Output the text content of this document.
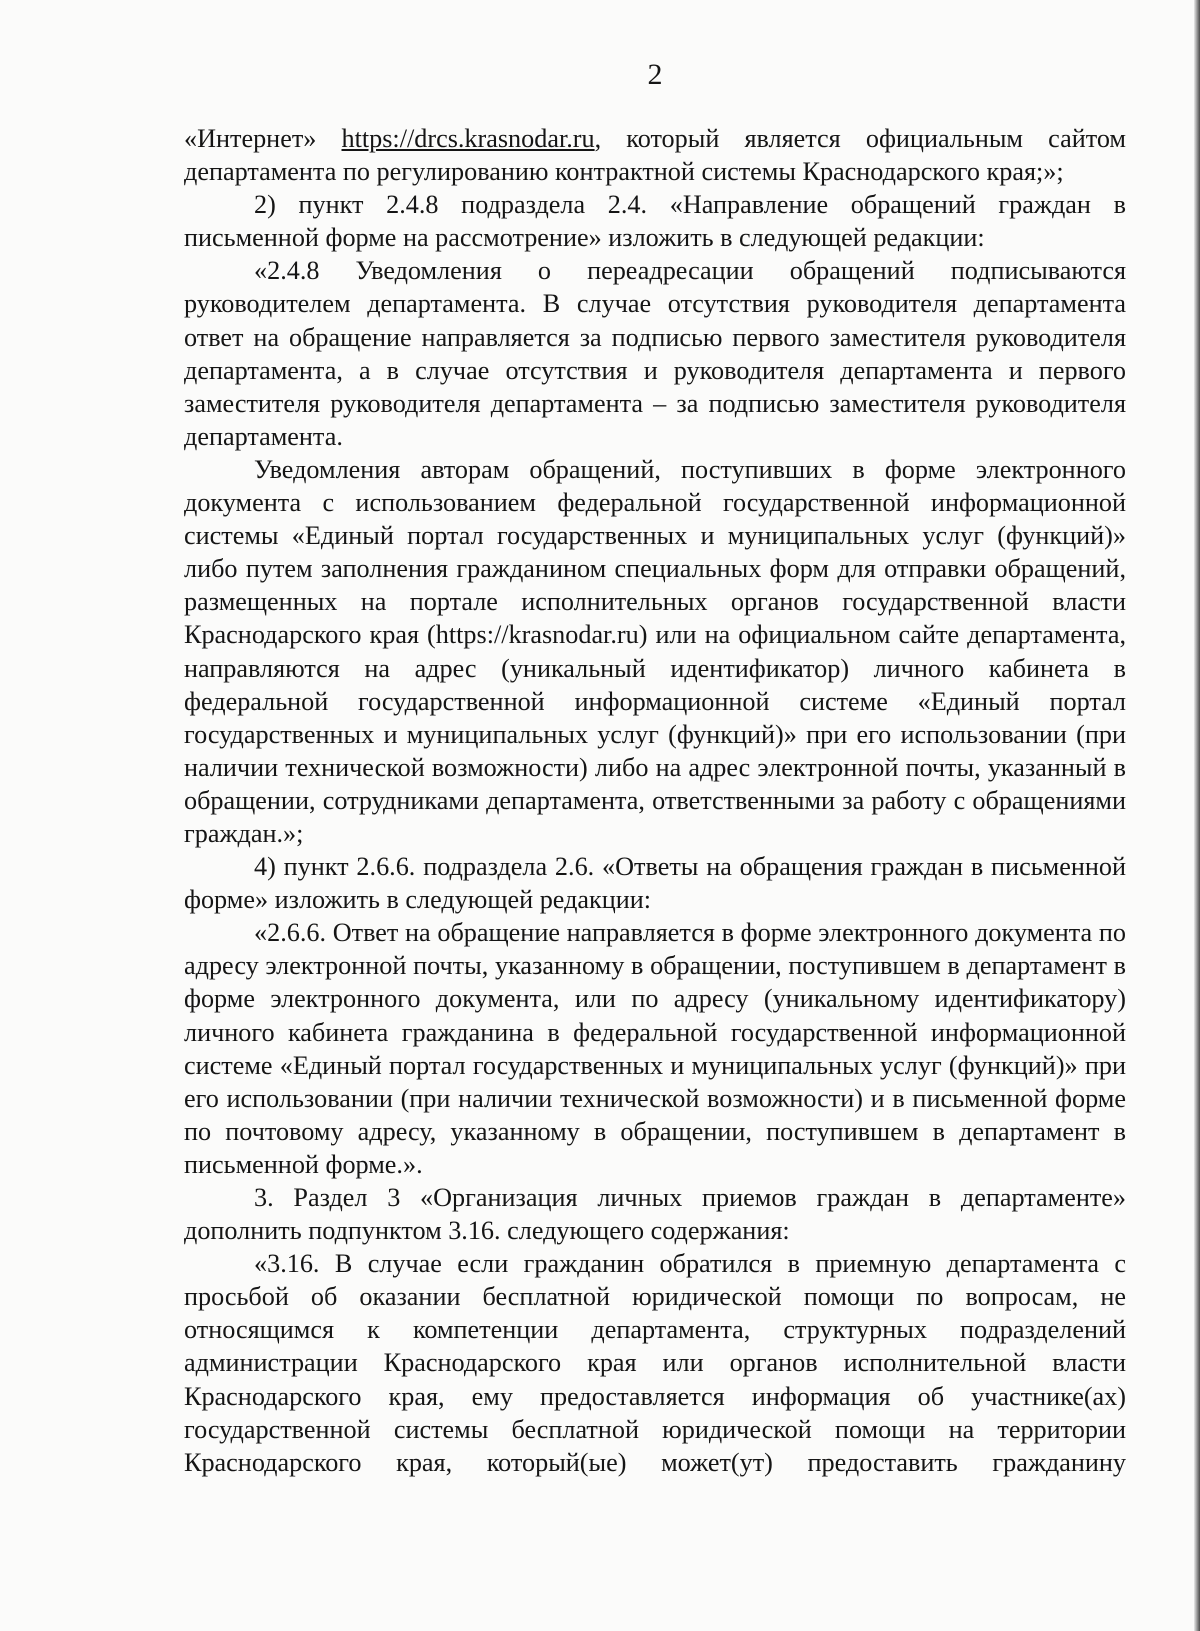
2

«Интернет» https://drcs.krasnodar.ru, который является официальным сайтом департамента по регулированию контрактной системы Краснодарского края;»;

2) пункт 2.4.8 подраздела 2.4. «Направление обращений граждан в письменной форме на рассмотрение» изложить в следующей редакции:

«2.4.8 Уведомления о переадресации обращений подписываются руководителем департамента. В случае отсутствия руководителя департамента ответ на обращение направляется за подписью первого заместителя руководителя департамента, а в случае отсутствия и руководителя департамента и первого заместителя руководителя департамента – за подписью заместителя руководителя департамента.

Уведомления авторам обращений, поступивших в форме электронного документа с использованием федеральной государственной информационной системы «Единый портал государственных и муниципальных услуг (функций)» либо путем заполнения гражданином специальных форм для отправки обращений, размещенных на портале исполнительных органов государственной власти Краснодарского края (https://krasnodar.ru) или на официальном сайте департамента, направляются на адрес (уникальный идентификатор) личного кабинета в федеральной государственной информационной системе «Единый портал государственных и муниципальных услуг (функций)» при его использовании (при наличии технической возможности) либо на адрес электронной почты, указанный в обращении, сотрудниками департамента, ответственными за работу с обращениями граждан.»;

4) пункт 2.6.6. подраздела 2.6. «Ответы на обращения граждан в письменной форме» изложить в следующей редакции:

«2.6.6. Ответ на обращение направляется в форме электронного документа по адресу электронной почты, указанному в обращении, поступившем в департамент в форме электронного документа, или по адресу (уникальному идентификатору) личного кабинета гражданина в федеральной государственной информационной системе «Единый портал государственных и муниципальных услуг (функций)» при его использовании (при наличии технической возможности) и в письменной форме по почтовому адресу, указанному в обращении, поступившем в департамент в письменной форме.».

3. Раздел 3 «Организация личных приемов граждан в департаменте» дополнить подпунктом 3.16. следующего содержания:

«3.16. В случае если гражданин обратился в приемную департамента с просьбой об оказании бесплатной юридической помощи по вопросам, не относящимся к компетенции департамента, структурных подразделений администрации Краснодарского края или органов исполнительной власти Краснодарского края, ему предоставляется информация об участнике(ах) государственной системы бесплатной юридической помощи на территории Краснодарского края, который(ые) может(ут) предоставить гражданину
